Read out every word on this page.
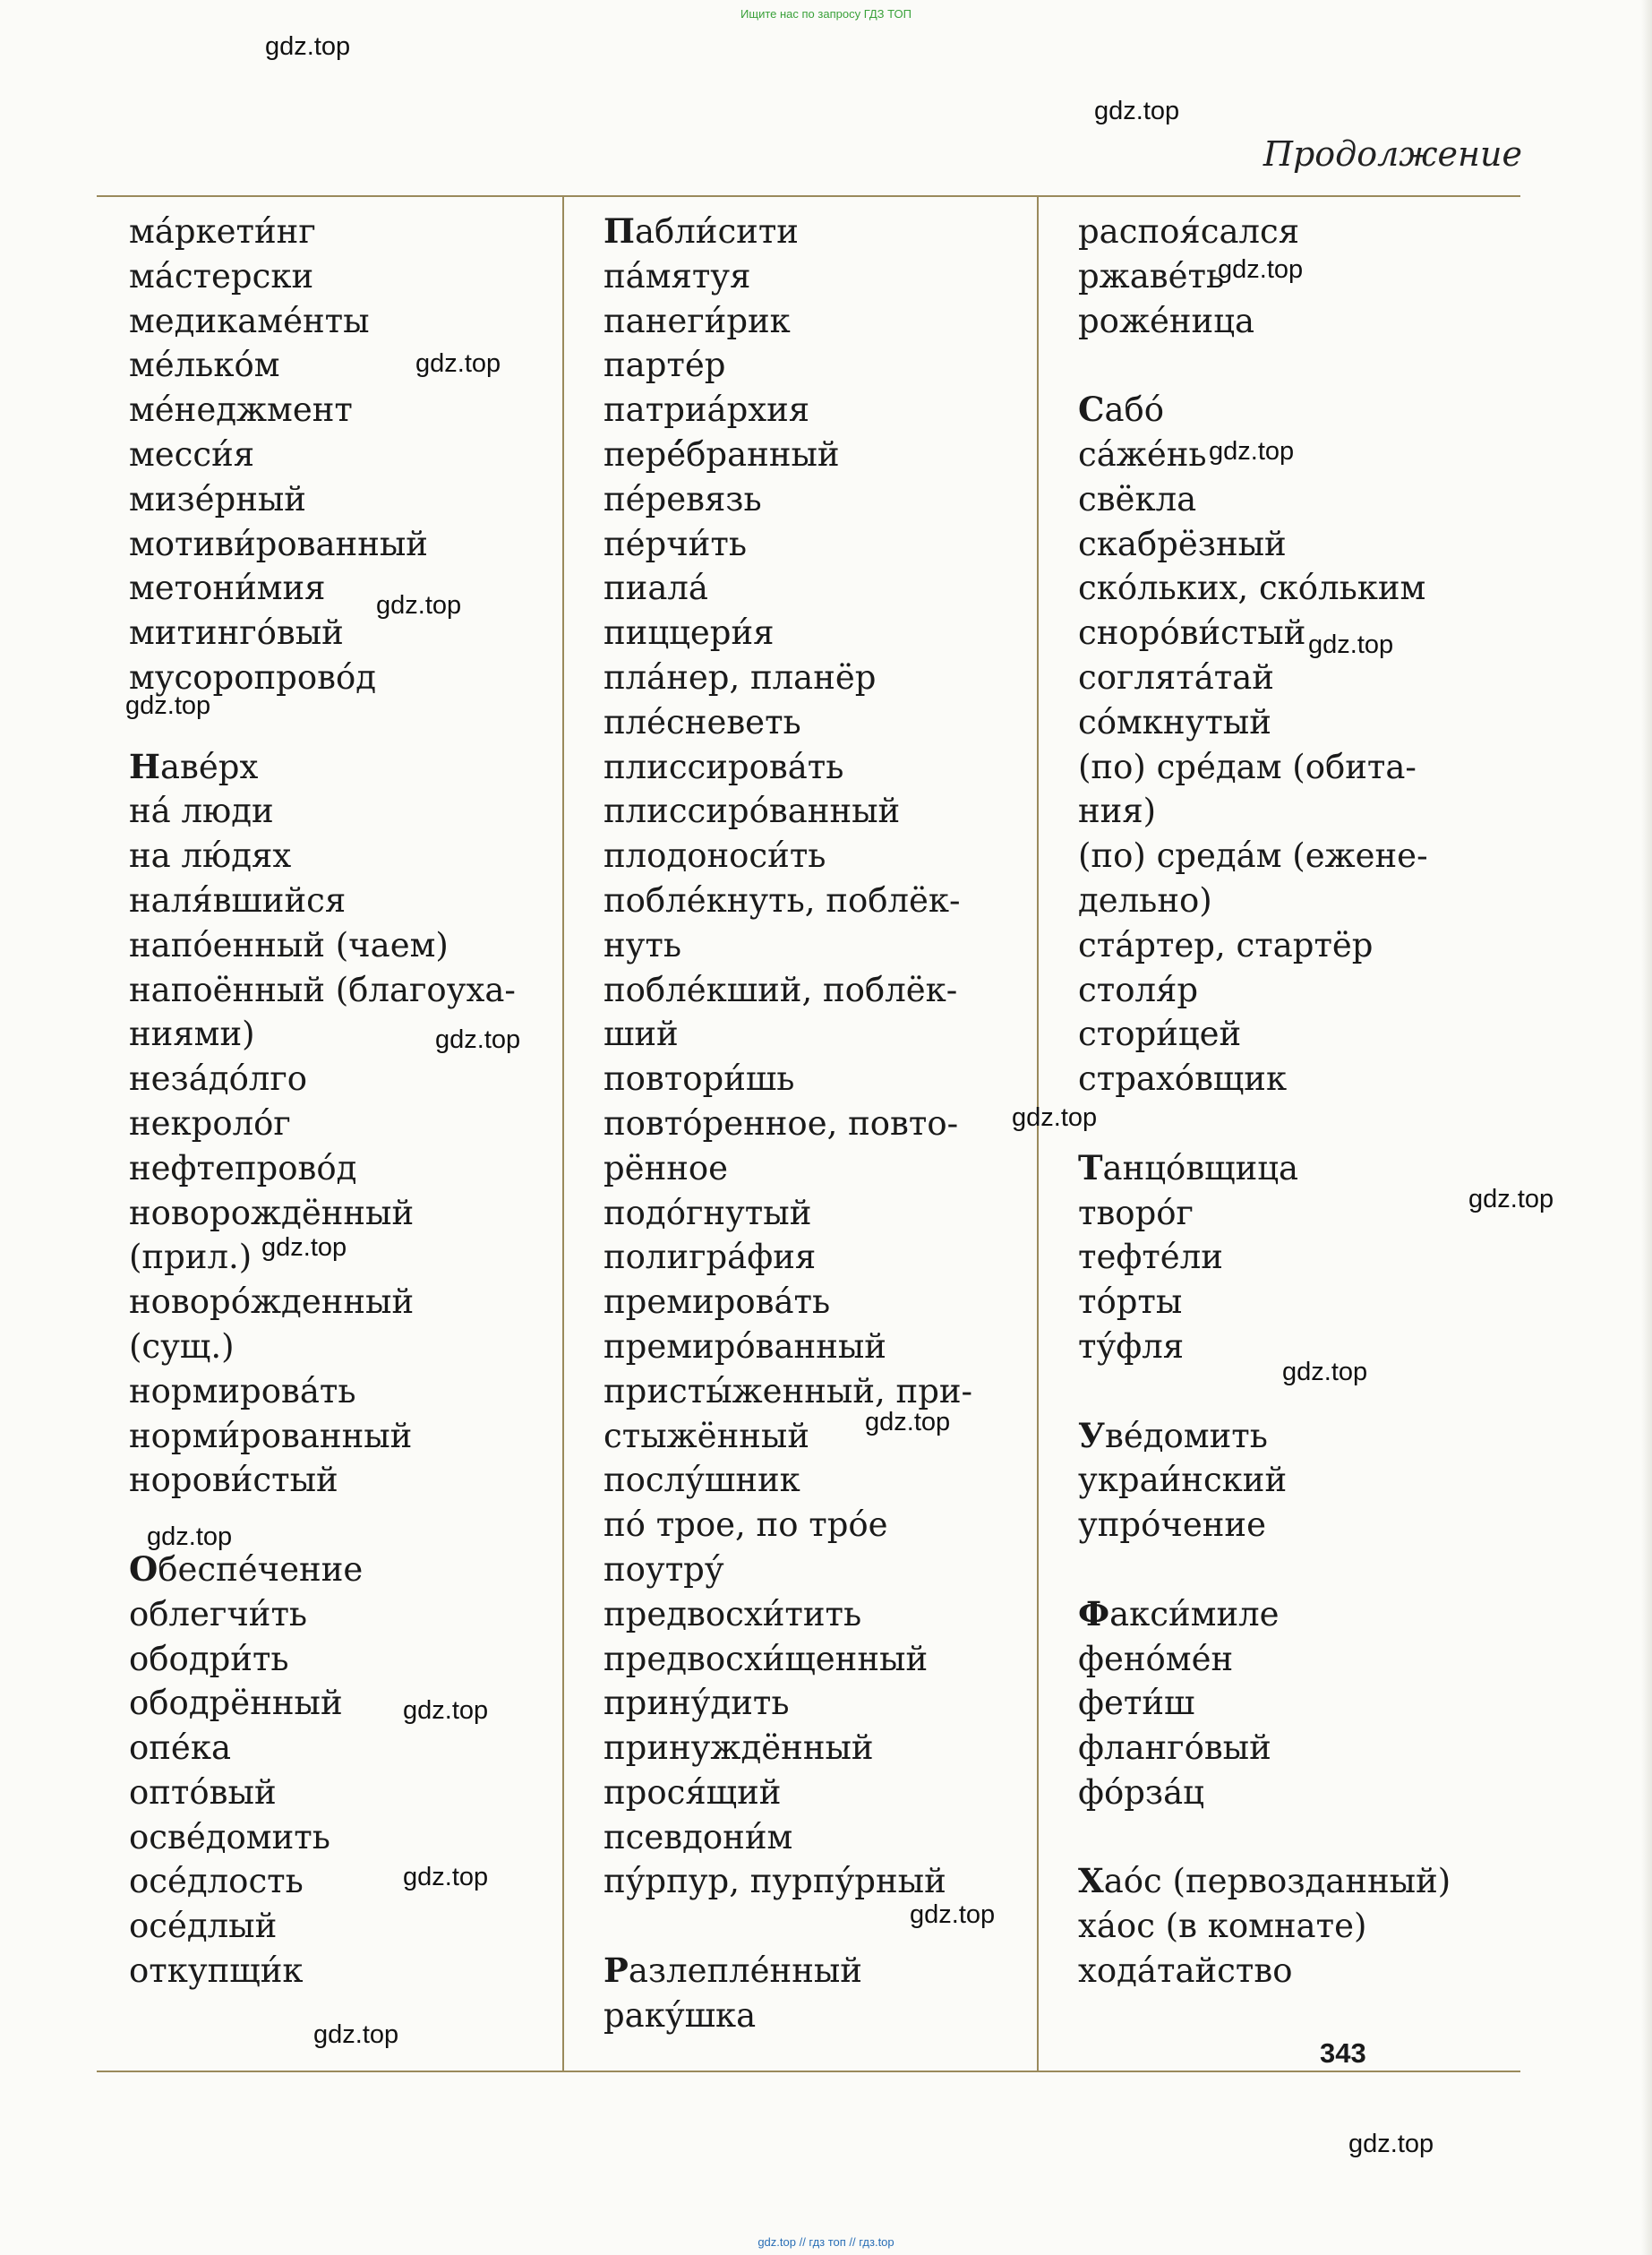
Ищите нас по запросу ГДЗ ТОП
Продолжение
ма́ркети́нг
ма́стерски
медикаме́нты
ме́лько́м
ме́неджмент
месси́я
мизе́рный
мотиви́рованный
метони́мия
митинго́вый
мусоропрово́д
Наве́рх
на́ люди
на лю́дях
наля́вшийся
напо́енный (чаем)
напоённый (благоуха-
ниями)
неза́до́лго
некроло́г
нефтепрово́д
новорождённый
(прил.)
новоро́жденный
(сущ.)
нормирова́ть
норми́рованный
норови́стый
Обеспе́чение
облегчи́ть
ободри́ть
ободрённый
опе́ка
опто́вый
осве́домить
осе́длость
осе́длый
откупщи́к
Пабли́сити
па́мятуя
панеги́рик
парте́р
патриа́рхия
перé́бранный
пе́ревязь
пе́рчи́ть
пиала́
пиццери́я
пла́нер, планёр
пле́сневеть
плиссирова́ть
плиссиро́ванный
плодоноси́ть
побле́кнуть, поблёк-
нуть
побле́кший, поблёк-
ший
повтори́шь
повто́ренное, повто-
рённое
подо́гнутый
полигра́фия
премирова́ть
премиро́ванный
присты́женный, при-
стыжённый
послу́шник
по́ трое, по тро́е
поутру́
предвосхи́тить
предвосхи́щенный
прину́дить
принуждённый
прося́щий
псевдони́м
пу́рпур, пурпу́рный
Разлепле́нный
раку́шка
распоя́сался
ржаве́ть
роже́ница
Сабо́
са́же́нь
свёкла
скабрёзный
ско́льких, ско́льким
сноро́ви́стый
соглята́тай
со́мкнутый
(по) сре́дам (обита-
ния)
(по) среда́м (еженe-
дельно)
ста́ртер, стартёр
столя́р
стори́цей
страхо́вщик
Танцо́вщица
творо́г
тефте́ли
то́рты
ту́фля
Уве́домить
украи́нский
упро́чение
Факси́миле
фено́ме́н
фети́ш
фланго́вый
фо́рза́ц
Хао́с (первозданный)
ха́ос (в комнате)
хода́тайство
343
gdz.top
gdz.top
gdz.top
gdz.top
gdz.top
gdz.top
gdz.top
gdz.top
gdz.top
gdz.top
gdz.top
gdz.top
gdz.top
gdz.top
gdz.top
gdz.top
gdz.top
gdz.top
gdz.top
gdz.top
gdz.top // гдз топ // гдз.top
